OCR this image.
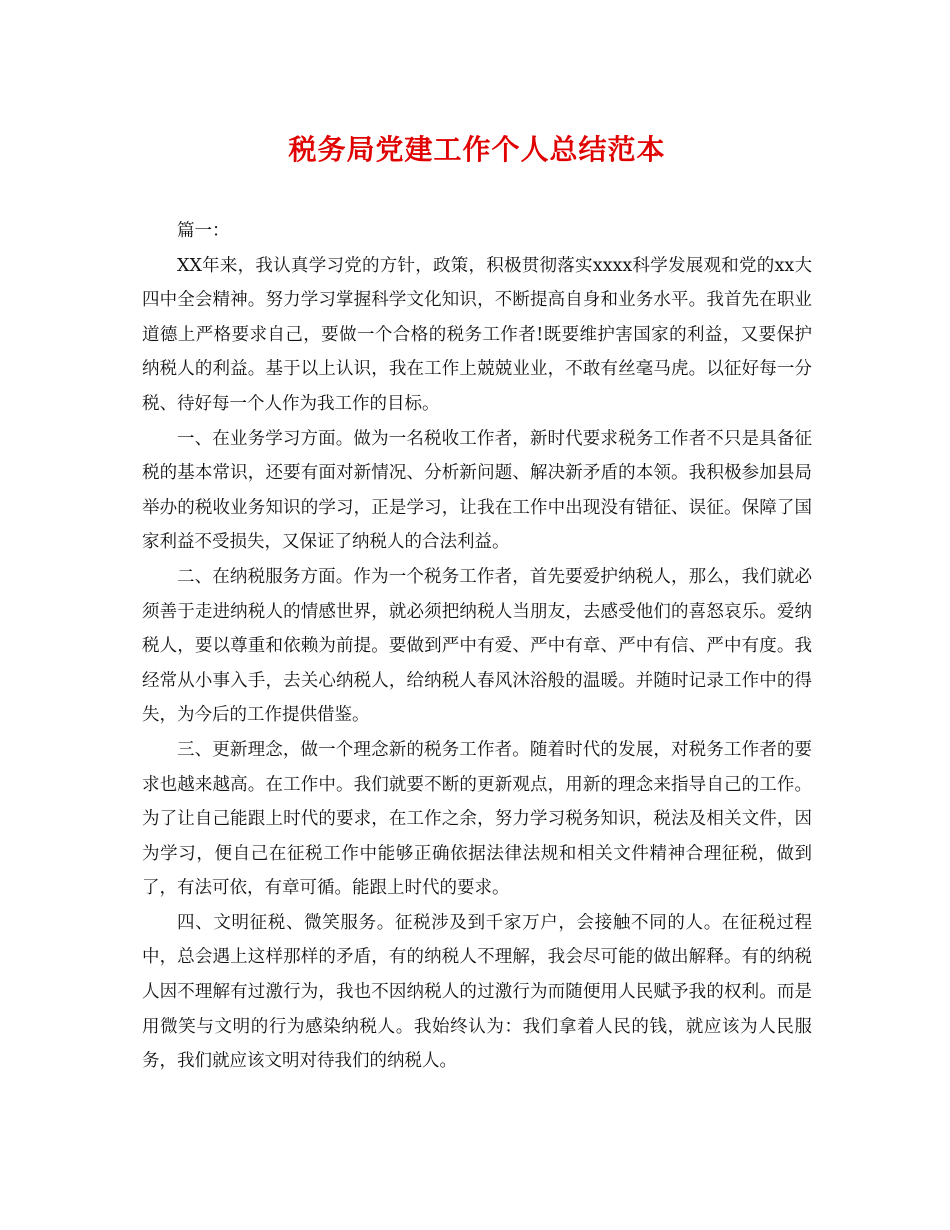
税务局党建工作个人总结范本

篇一：

XX年来，我认真学习党的方针，政策，积极贯彻落实xxxx科学发展观和党的xx大四中全会精神。努力学习掌握科学文化知识，不断提高自身和业务水平。我首先在职业道德上严格要求自己，要做一个合格的税务工作者!既要维护害国家的利益，又要保护纳税人的利益。基于以上认识，我在工作上兢兢业业，不敢有丝毫马虎。以征好每一分税、待好每一个人作为我工作的目标。

一、在业务学习方面。做为一名税收工作者，新时代要求税务工作者不只是具备征税的基本常识，还要有面对新情况、分析新问题、解决新矛盾的本领。我积极参加县局举办的税收业务知识的学习，正是学习，让我在工作中出现没有错征、误征。保障了国家利益不受损失，又保证了纳税人的合法利益。

二、在纳税服务方面。作为一个税务工作者，首先要爱护纳税人，那么，我们就必须善于走进纳税人的情感世界，就必须把纳税人当朋友，去感受他们的喜怒哀乐。爱纳税人，要以尊重和依赖为前提。要做到严中有爱、严中有章、严中有信、严中有度。我经常从小事入手，去关心纳税人，给纳税人春风沐浴般的温暖。并随时记录工作中的得失，为今后的工作提供借鉴。

三、更新理念，做一个理念新的税务工作者。随着时代的发展，对税务工作者的要求也越来越高。在工作中。我们就要不断的更新观点，用新的理念来指导自己的工作。为了让自己能跟上时代的要求，在工作之余，努力学习税务知识，税法及相关文件，因为学习，便自己在征税工作中能够正确依据法律法规和相关文件精神合理征税，做到了，有法可依，有章可循。能跟上时代的要求。

四、文明征税、微笑服务。征税涉及到千家万户，会接触不同的人。在征税过程中，总会遇上这样那样的矛盾，有的纳税人不理解，我会尽可能的做出解释。有的纳税人因不理解有过激行为，我也不因纳税人的过激行为而随便用人民赋予我的权利。而是用微笑与文明的行为感染纳税人。我始终认为：我们拿着人民的钱，就应该为人民服务，我们就应该文明对待我们的纳税人。
